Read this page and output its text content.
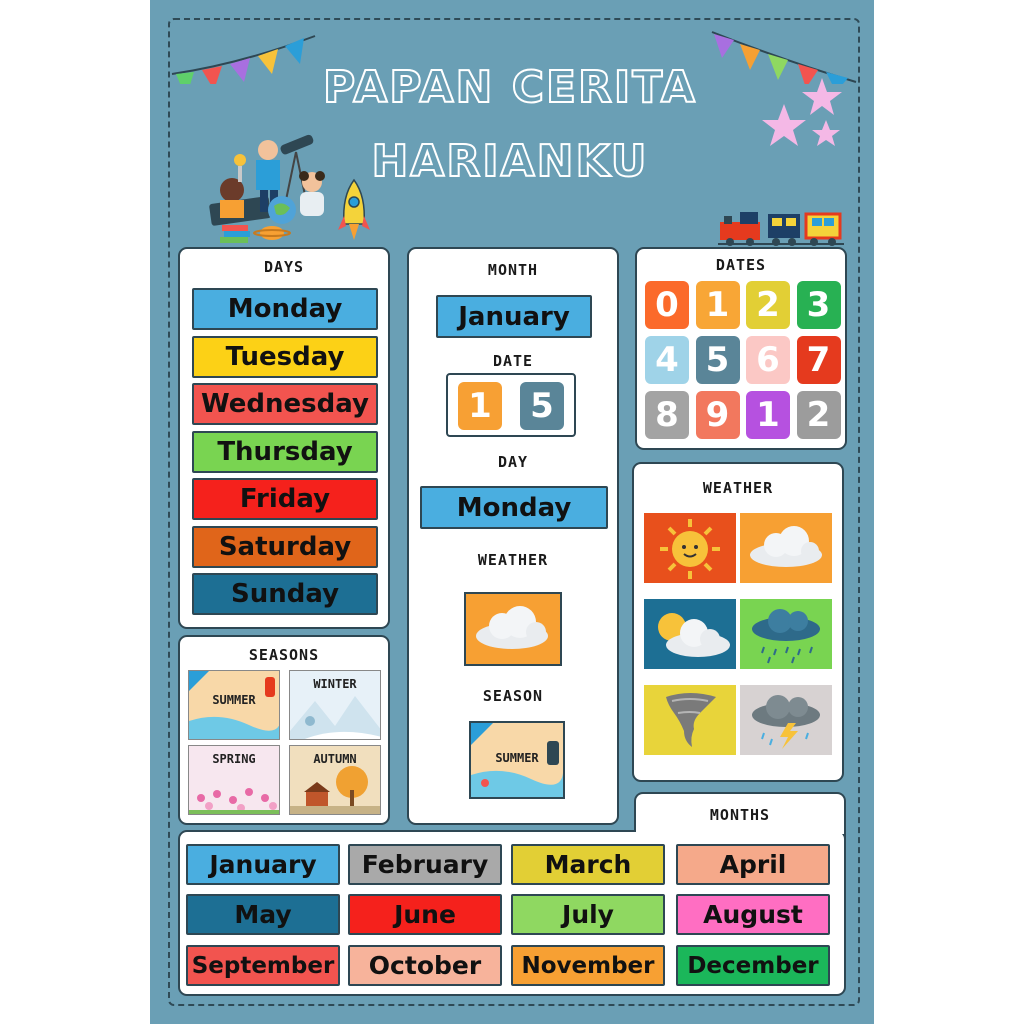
PAPAN CERITA
HARIANKU
DAYS
Monday
Tuesday
Wednesday
Thursday
Friday
Saturday
Sunday
SEASONS
SUMMER
WINTER
SPRING	AUTUMN
MONTH
January
DATE
1 5
DAY
Monday
WEATHER
SEASON
SUMMER
DATES
0 1 2 3
4 5 6 7
8 9 1 2
WEATHER
MONTHS
January	February	March	April
May	June	July	August
September	October	November	December
